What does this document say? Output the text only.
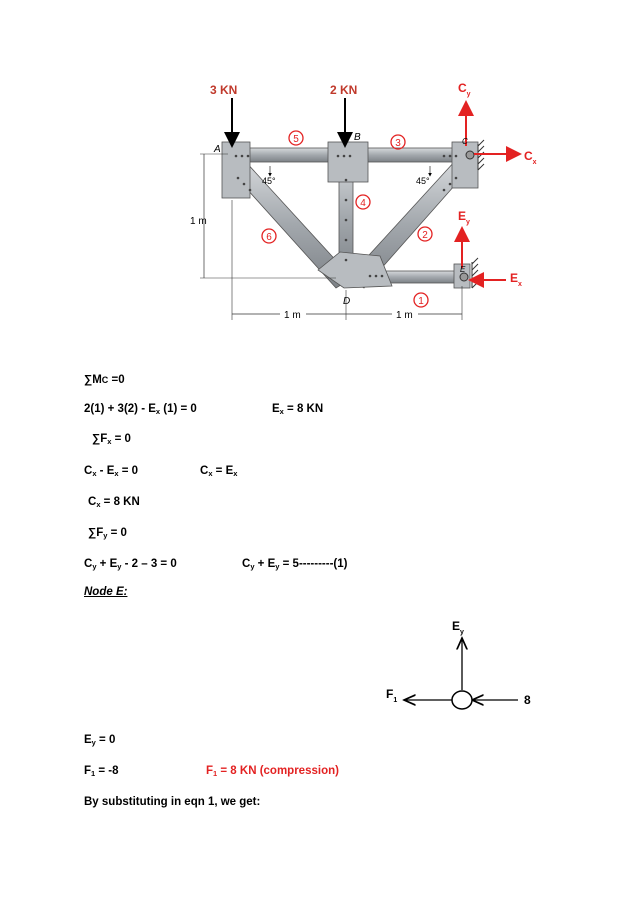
3 KN	2 KN	$C_y$
$C_x$
$E_y$
$E_x$
5	3
4
6	2
1
A
B	C
D
E
45°	45°
1 m
1 m	1 m
∑MC =0
$2(1) + 3(2) - E_x$ (1) = 0	$E_x = 8$ KN
$\sum F_x = 0$
$C_x - E_x = 0$	$C_x = E_x$
$C_x = 8$ KN
$\sum F_y = 0$
$C_y + E_y - 2 - 3 = 0$	$C_y + E_y = 5---------(1)$
Node E:
$E_y$
$F_1$	8
$E_y = 0$
$F_1 = -8$	$F_1 = 8$ KN (compression)
By substituting in eqn 1, we get:
